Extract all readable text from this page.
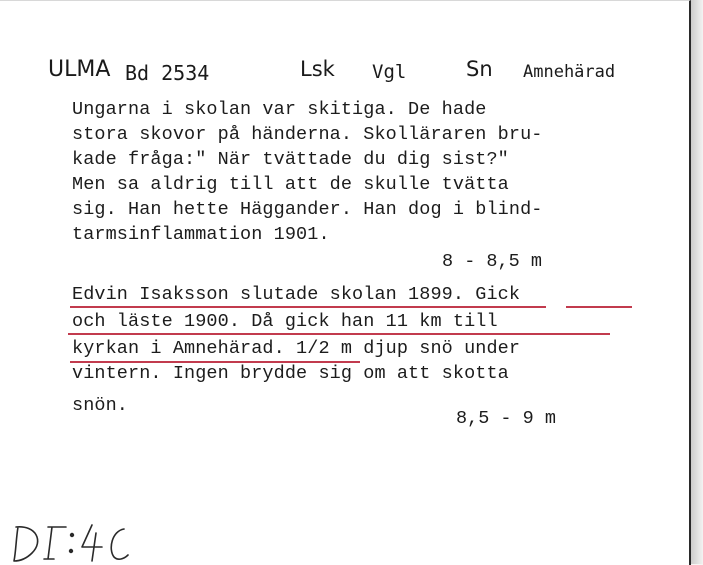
ULMA Bd 2534	Lsk Vgl	Sn Amnehärad
Ungarna i skolan var skitiga. De hade
stora skovor på händerna. Skolläraren bru-
kade fråga:" När tvättade du dig sist?"
Men sa aldrig till att de skulle tvätta
sig. Han hette Häggander. Han dog i blind-
tarmsinflammation 1901.
8 - 8,5 m
Edvin Isaksson slutade skolan 1899. Gick
och läste 1900. Då gick han 11 km till
kyrkan i Amnehärad. 1/2 m djup snö under
vintern. Ingen brydde sig om att skotta
snön.
8,5 - 9 m
